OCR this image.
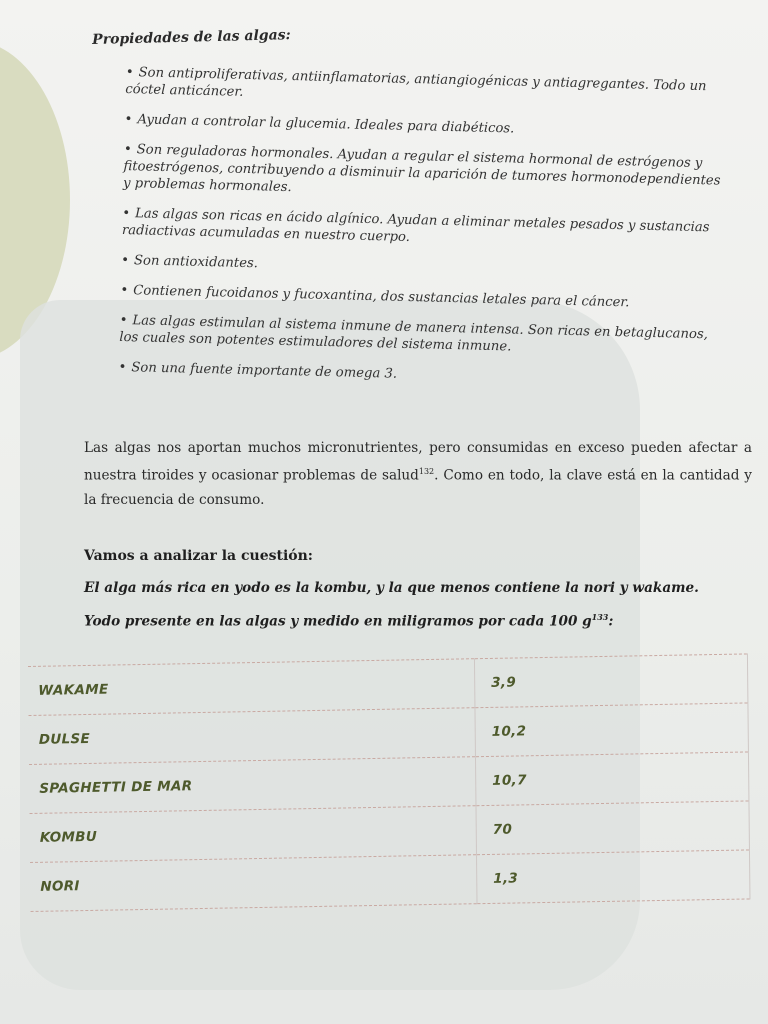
Propiedades de las algas:

• Son antiproliferativas, antiinflamatorias, antiangiogénicas y antiagregantes. Todo un cóctel anticáncer.

• Ayudan a controlar la glucemia. Ideales para diabéticos.

• Son reguladoras hormonales. Ayudan a regular el sistema hormonal de estrógenos y fitoestrógenos, contribuyendo a disminuir la aparición de tumores hormonodependientes y problemas hormonales.

• Las algas son ricas en ácido algínico. Ayudan a eliminar metales pesados y sustancias radiactivas acumuladas en nuestro cuerpo.

• Son antioxidantes.

• Contienen fucoidanos y fucoxantina, dos sustancias letales para el cáncer.

• Las algas estimulan al sistema inmune de manera intensa. Son ricas en betaglucanos, los cuales son potentes estimuladores del sistema inmune.

• Son una fuente importante de omega 3.

Las algas nos aportan muchos micronutrientes, pero consumidas en exceso pueden afectar a nuestra tiroides y ocasionar problemas de salud$^{132}$. Como en todo, la clave está en la cantidad y la frecuencia de consumo.
Vamos a analizar la cuestión:
El alga más rica en yodo es la kombu, y la que menos contiene la nori y wakame.
Yodo presente en las algas y medido en miligramos por cada 100 $g^{133}$:
WAKAME	3,9
DULSE	10,2
SPAGHETTI DE MAR	10,7
KOMBU	70
NORI	1,3
